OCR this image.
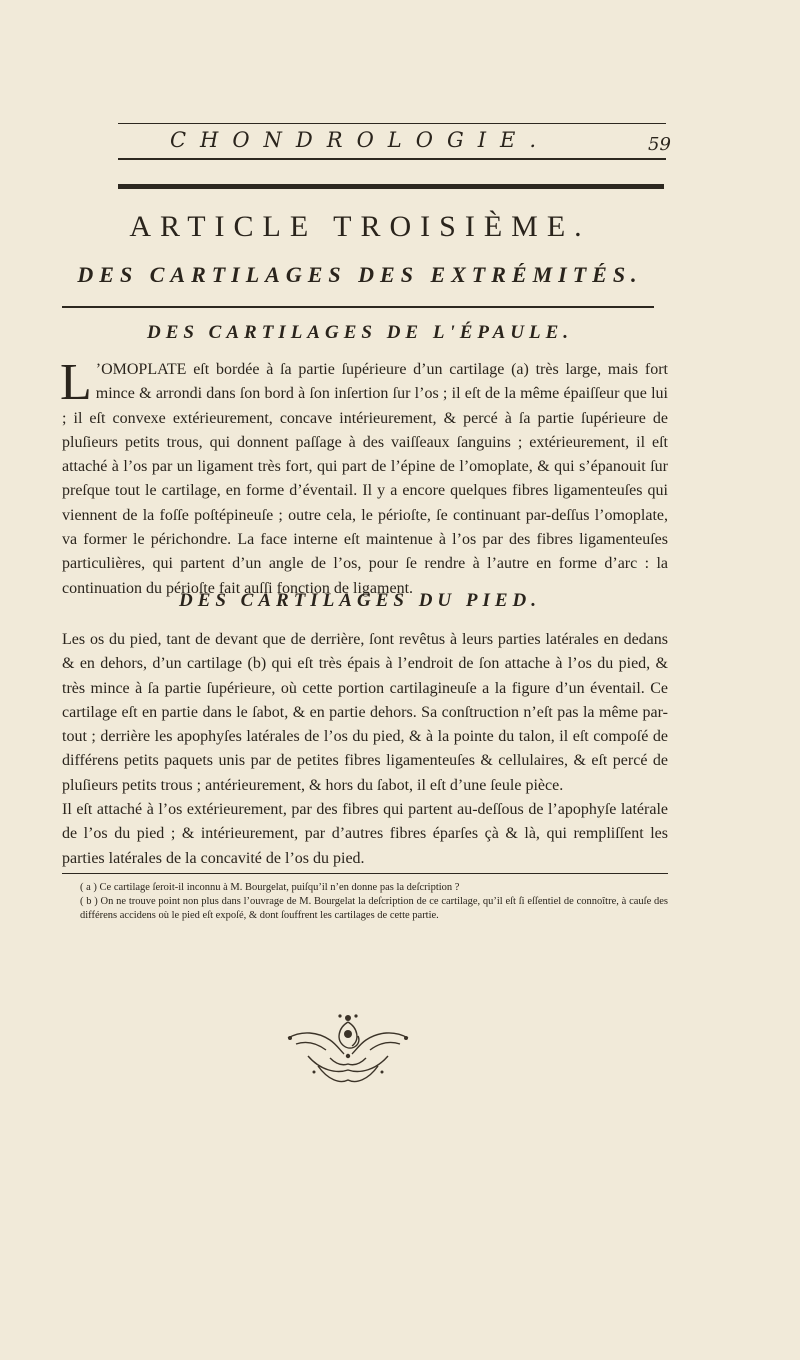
CHONDROLOGIE.	59
ARTICLE TROISIÈME.
DES CARTILAGES DES EXTRÉMITÉS.
DES CARTILAGES DE L'ÉPAULE.

L ’OMOPLATE eſt bordée à ſa partie ſupérieure d’un cartilage (a) très large, mais fort mince & arrondi dans ſon bord à ſon inſertion ſur l’os ; il eſt de la même épaiſſeur que lui ; il eſt convexe extérieurement, concave intérieurement, & percé à ſa partie ſupérieure de pluſieurs petits trous, qui donnent paſſage à des vaiſſeaux ſanguins ; extérieurement, il eſt attaché à l’os par un ligament très fort, qui part de l’épine de l’omoplate, & qui s’épanouit ſur preſque tout le cartilage, en forme d’éventail. Il y a encore quelques fibres ligamenteuſes qui viennent de la foſſe poſtépineuſe ; outre cela, le périoſte, ſe continuant par-deſſus l’omoplate, va former le périchondre. La face interne eſt maintenue à l’os par des fibres ligamenteuſes particulières, qui partent d’un angle de l’os, pour ſe rendre à l’autre en forme d’arc : la continuation du périoſte fait auſſi fonction de ligament.

DES CARTILAGES DU PIED.

Les os du pied, tant de devant que de derrière, ſont revêtus à leurs parties latérales en dedans & en dehors, d’un cartilage (b) qui eſt très épais à l’endroit de ſon attache à l’os du pied, & très mince à ſa partie ſupérieure, où cette portion cartilagineuſe a la figure d’un éventail. Ce cartilage eſt en partie dans le ſabot, & en partie dehors. Sa conſtruction n’eſt pas la même par-tout ; derrière les apophyſes latérales de l’os du pied, & à la pointe du talon, il eſt compoſé de différens petits paquets unis par de petites fibres ligamenteuſes & cellulaires, & eſt percé de pluſieurs petits trous ; antérieurement, & hors du ſabot, il eſt d’une ſeule pièce.

Il eſt attaché à l’os extérieurement, par des fibres qui partent au-deſſous de l’apophyſe latérale de l’os du pied ; & intérieurement, par d’autres fibres éparſes çà & là, qui rempliſſent les parties latérales de la concavité de l’os du pied.

( a ) Ce cartilage ſeroit-il inconnu à M. Bourgelat, puiſqu’il n’en donne pas la deſcription ?

( b ) On ne trouve point non plus dans l’ouvrage de M. Bourgelat la deſcription de ce cartilage, qu’il eſt ſi eſſentiel de connoître, à cauſe des différens accidens où le pied eſt expoſé, & dont ſouffrent les cartilages de cette partie.
